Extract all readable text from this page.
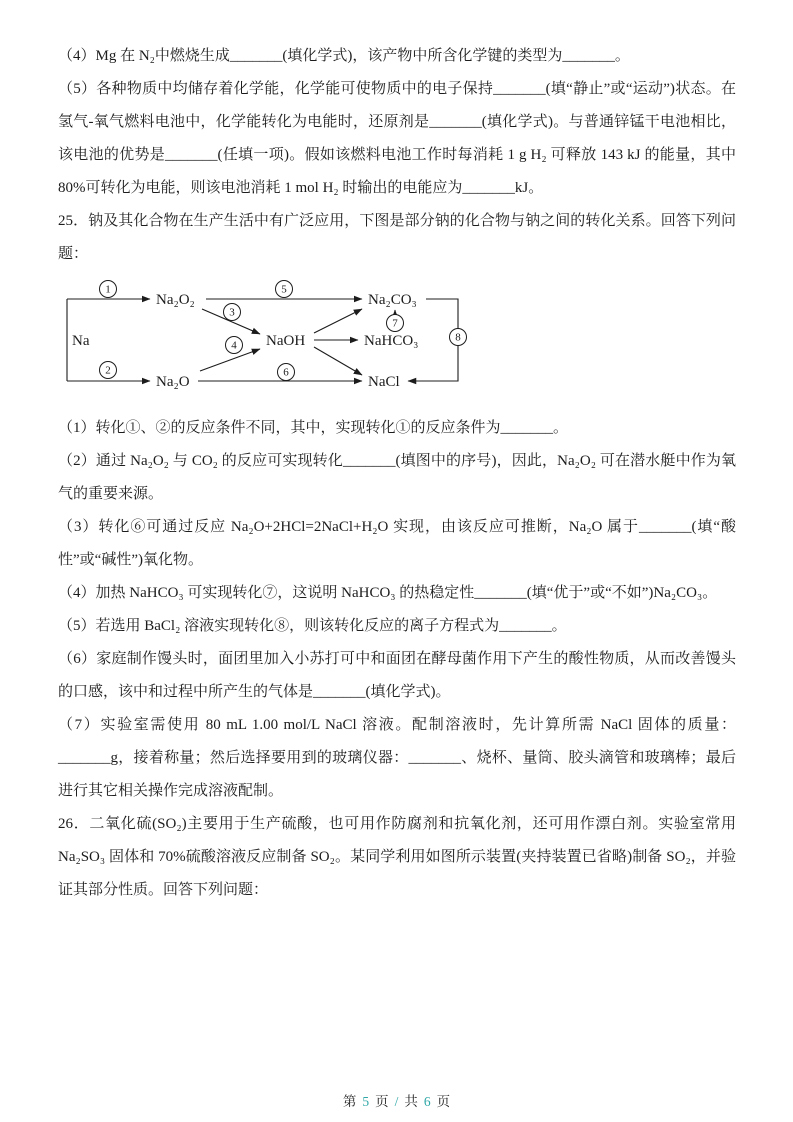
（4）Mg 在 N₂中燃烧生成_______(填化学式)，该产物中所含化学键的类型为_______。

（5）各种物质中均储存着化学能，化学能可使物质中的电子保持_______(填“静止”或“运动”)状态。在氢气-氧气燃料电池中，化学能转化为电能时，还原剂是_______(填化学式)。与普通锌锰干电池相比，该电池的优势是_______(任填一项)。假如该燃料电池工作时每消耗 1 g H₂ 可释放 143 kJ 的能量，其中 80%可转化为电能，则该电池消耗 1 mol H₂ 时输出的电能应为_______kJ。

25．钠及其化合物在生产生活中有广泛应用，下图是部分钠的化合物与钠之间的转化关系。回答下列问题：

Na
Na₂O₂
Na₂O
NaOH
Na₂CO₃
NaHCO₃
NaCl
1
2
3
4
5
6
7
8

（1）转化①、②的反应条件不同，其中，实现转化①的反应条件为_______。

（2）通过 Na₂O₂ 与 CO₂ 的反应可实现转化_______(填图中的序号)，因此，Na₂O₂ 可在潜水艇中作为氧气的重要来源。

（3）转化⑥可通过反应 Na₂O+2HCl=2NaCl+H₂O 实现，由该反应可推断，Na₂O 属于_______(填“酸性”或“碱性”)氧化物。

（4）加热 NaHCO₃ 可实现转化⑦，这说明 NaHCO₃ 的热稳定性_______(填“优于”或“不如”)Na₂CO₃。

（5）若选用 BaCl₂ 溶液实现转化⑧，则该转化反应的离子方程式为_______。

（6）家庭制作馒头时，面团里加入小苏打可中和面团在酵母菌作用下产生的酸性物质，从而改善馒头的口感，该中和过程中所产生的气体是_______(填化学式)。

（7）实验室需使用 80 mL 1.00 mol/L NaCl 溶液。配制溶液时，先计算所需 NaCl 固体的质量：_______g，接着称量；然后选择要用到的玻璃仪器：_______、烧杯、量筒、胶头滴管和玻璃棒；最后进行其它相关操作完成溶液配制。

26．二氧化硫(SO₂)主要用于生产硫酸，也可用作防腐剂和抗氧化剂，还可用作漂白剂。实验室常用 Na₂SO₃ 固体和 70%硫酸溶液反应制备 SO₂。某同学利用如图所示装置(夹持装置已省略)制备 SO₂，并验证其部分性质。回答下列问题：

第 5 页 / 共 6 页
